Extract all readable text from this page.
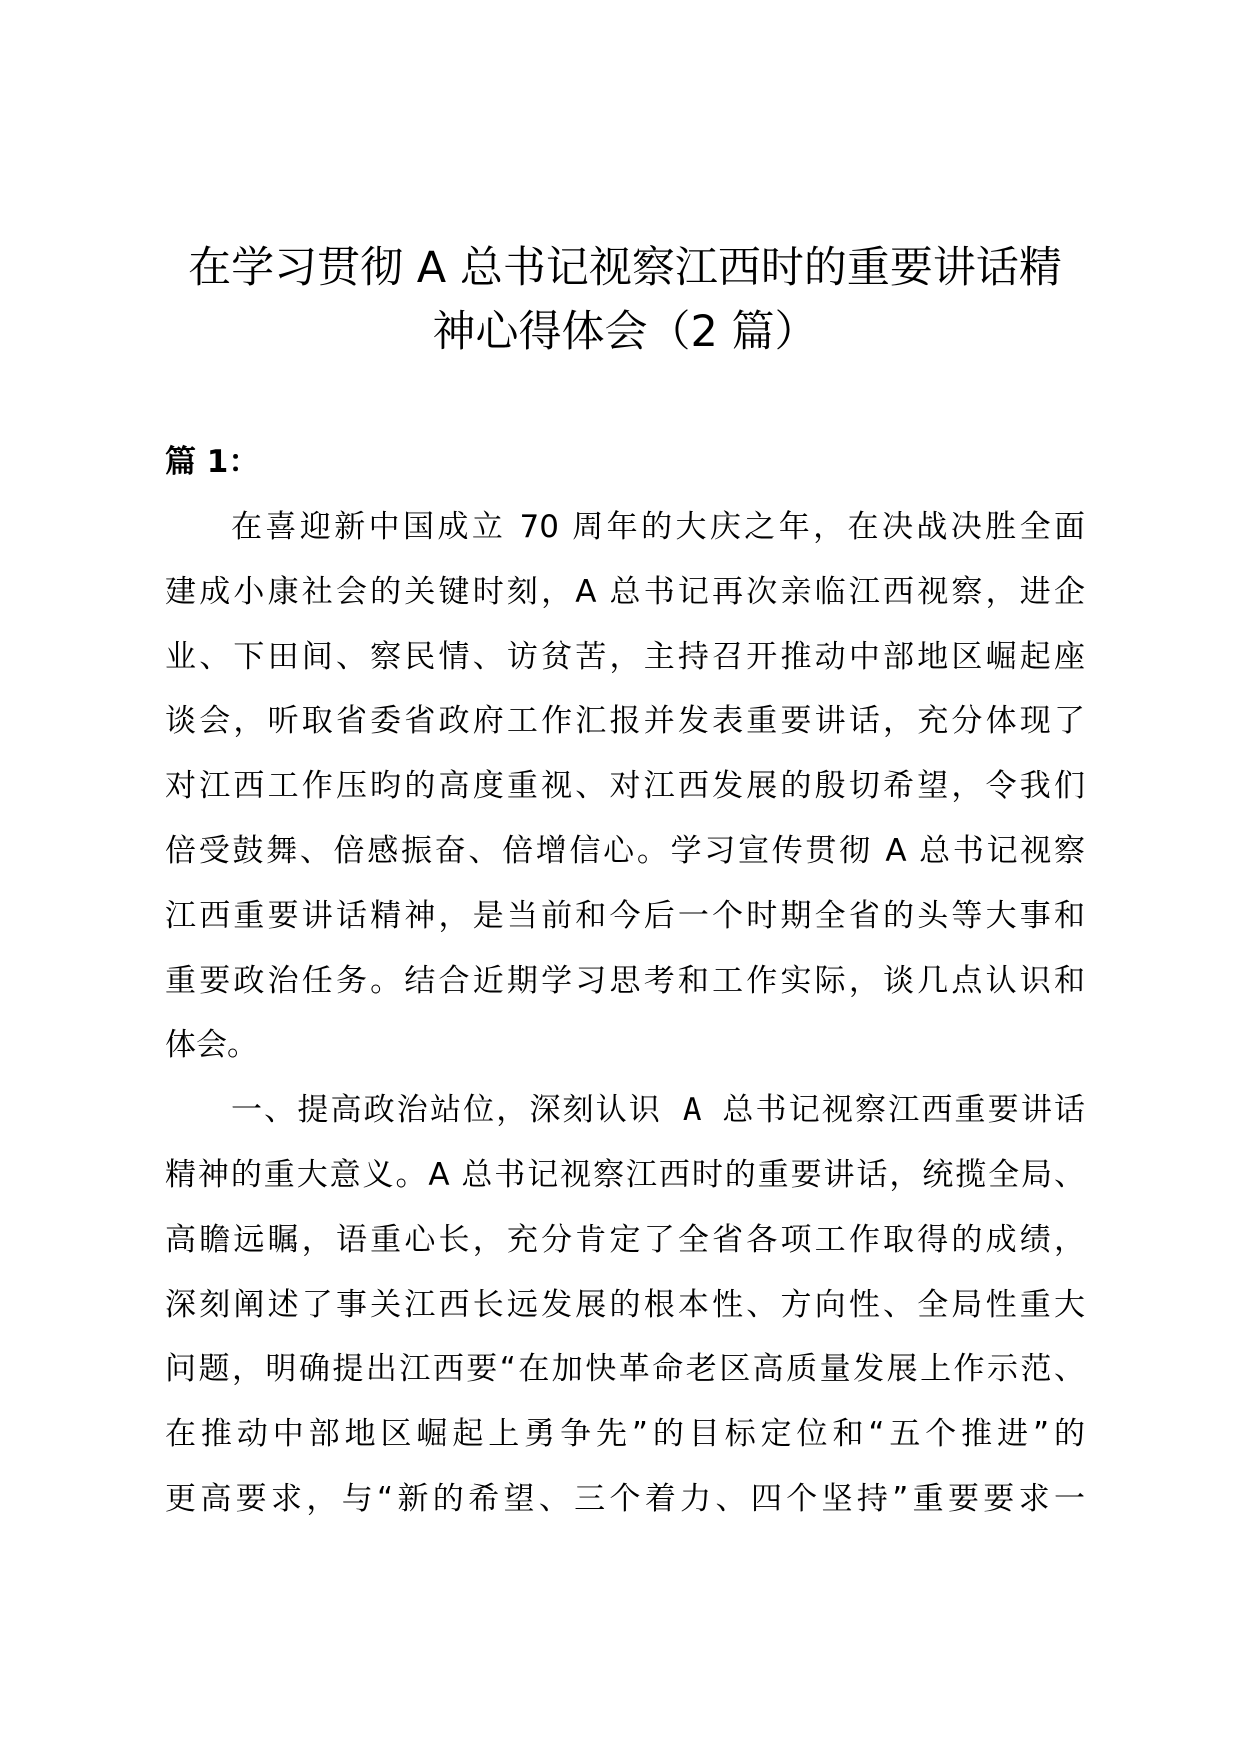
在学习贯彻 A 总书记视察江西时的重要讲话精
神心得体会（2 篇）
篇 1：

在喜迎新中国成立 70 周年的大庆之年，在决战决胜全面
建成小康社会的关键时刻，A 总书记再次亲临江西视察，进企
业、下田间、察民情、访贫苦，主持召开推动中部地区崛起座
谈会，听取省委省政府工作汇报并发表重要讲话，充分体现了
对江西工作压昀的高度重视、对江西发展的殷切希望，令我们
倍受鼓舞、倍感振奋、倍增信心。学习宣传贯彻 A 总书记视察
江西重要讲话精神，是当前和今后一个时期全省的头等大事和
重要政治任务。结合近期学习思考和工作实际，谈几点认识和
体会。

一、提高政治站位，深刻认识 A 总书记视察江西重要讲话
精神的重大意义。A 总书记视察江西时的重要讲话，统揽全局、
高瞻远瞩，语重心长，充分肯定了全省各项工作取得的成绩，
深刻阐述了事关江西长远发展的根本性、方向性、全局性重大
问题，明确提出江西要“在加快革命老区高质量发展上作示范、
在推动中部地区崛起上勇争先”的目标定位和“五个推进”的
更高要求，与“新的希望、三个着力、四个坚持”重要要求一
